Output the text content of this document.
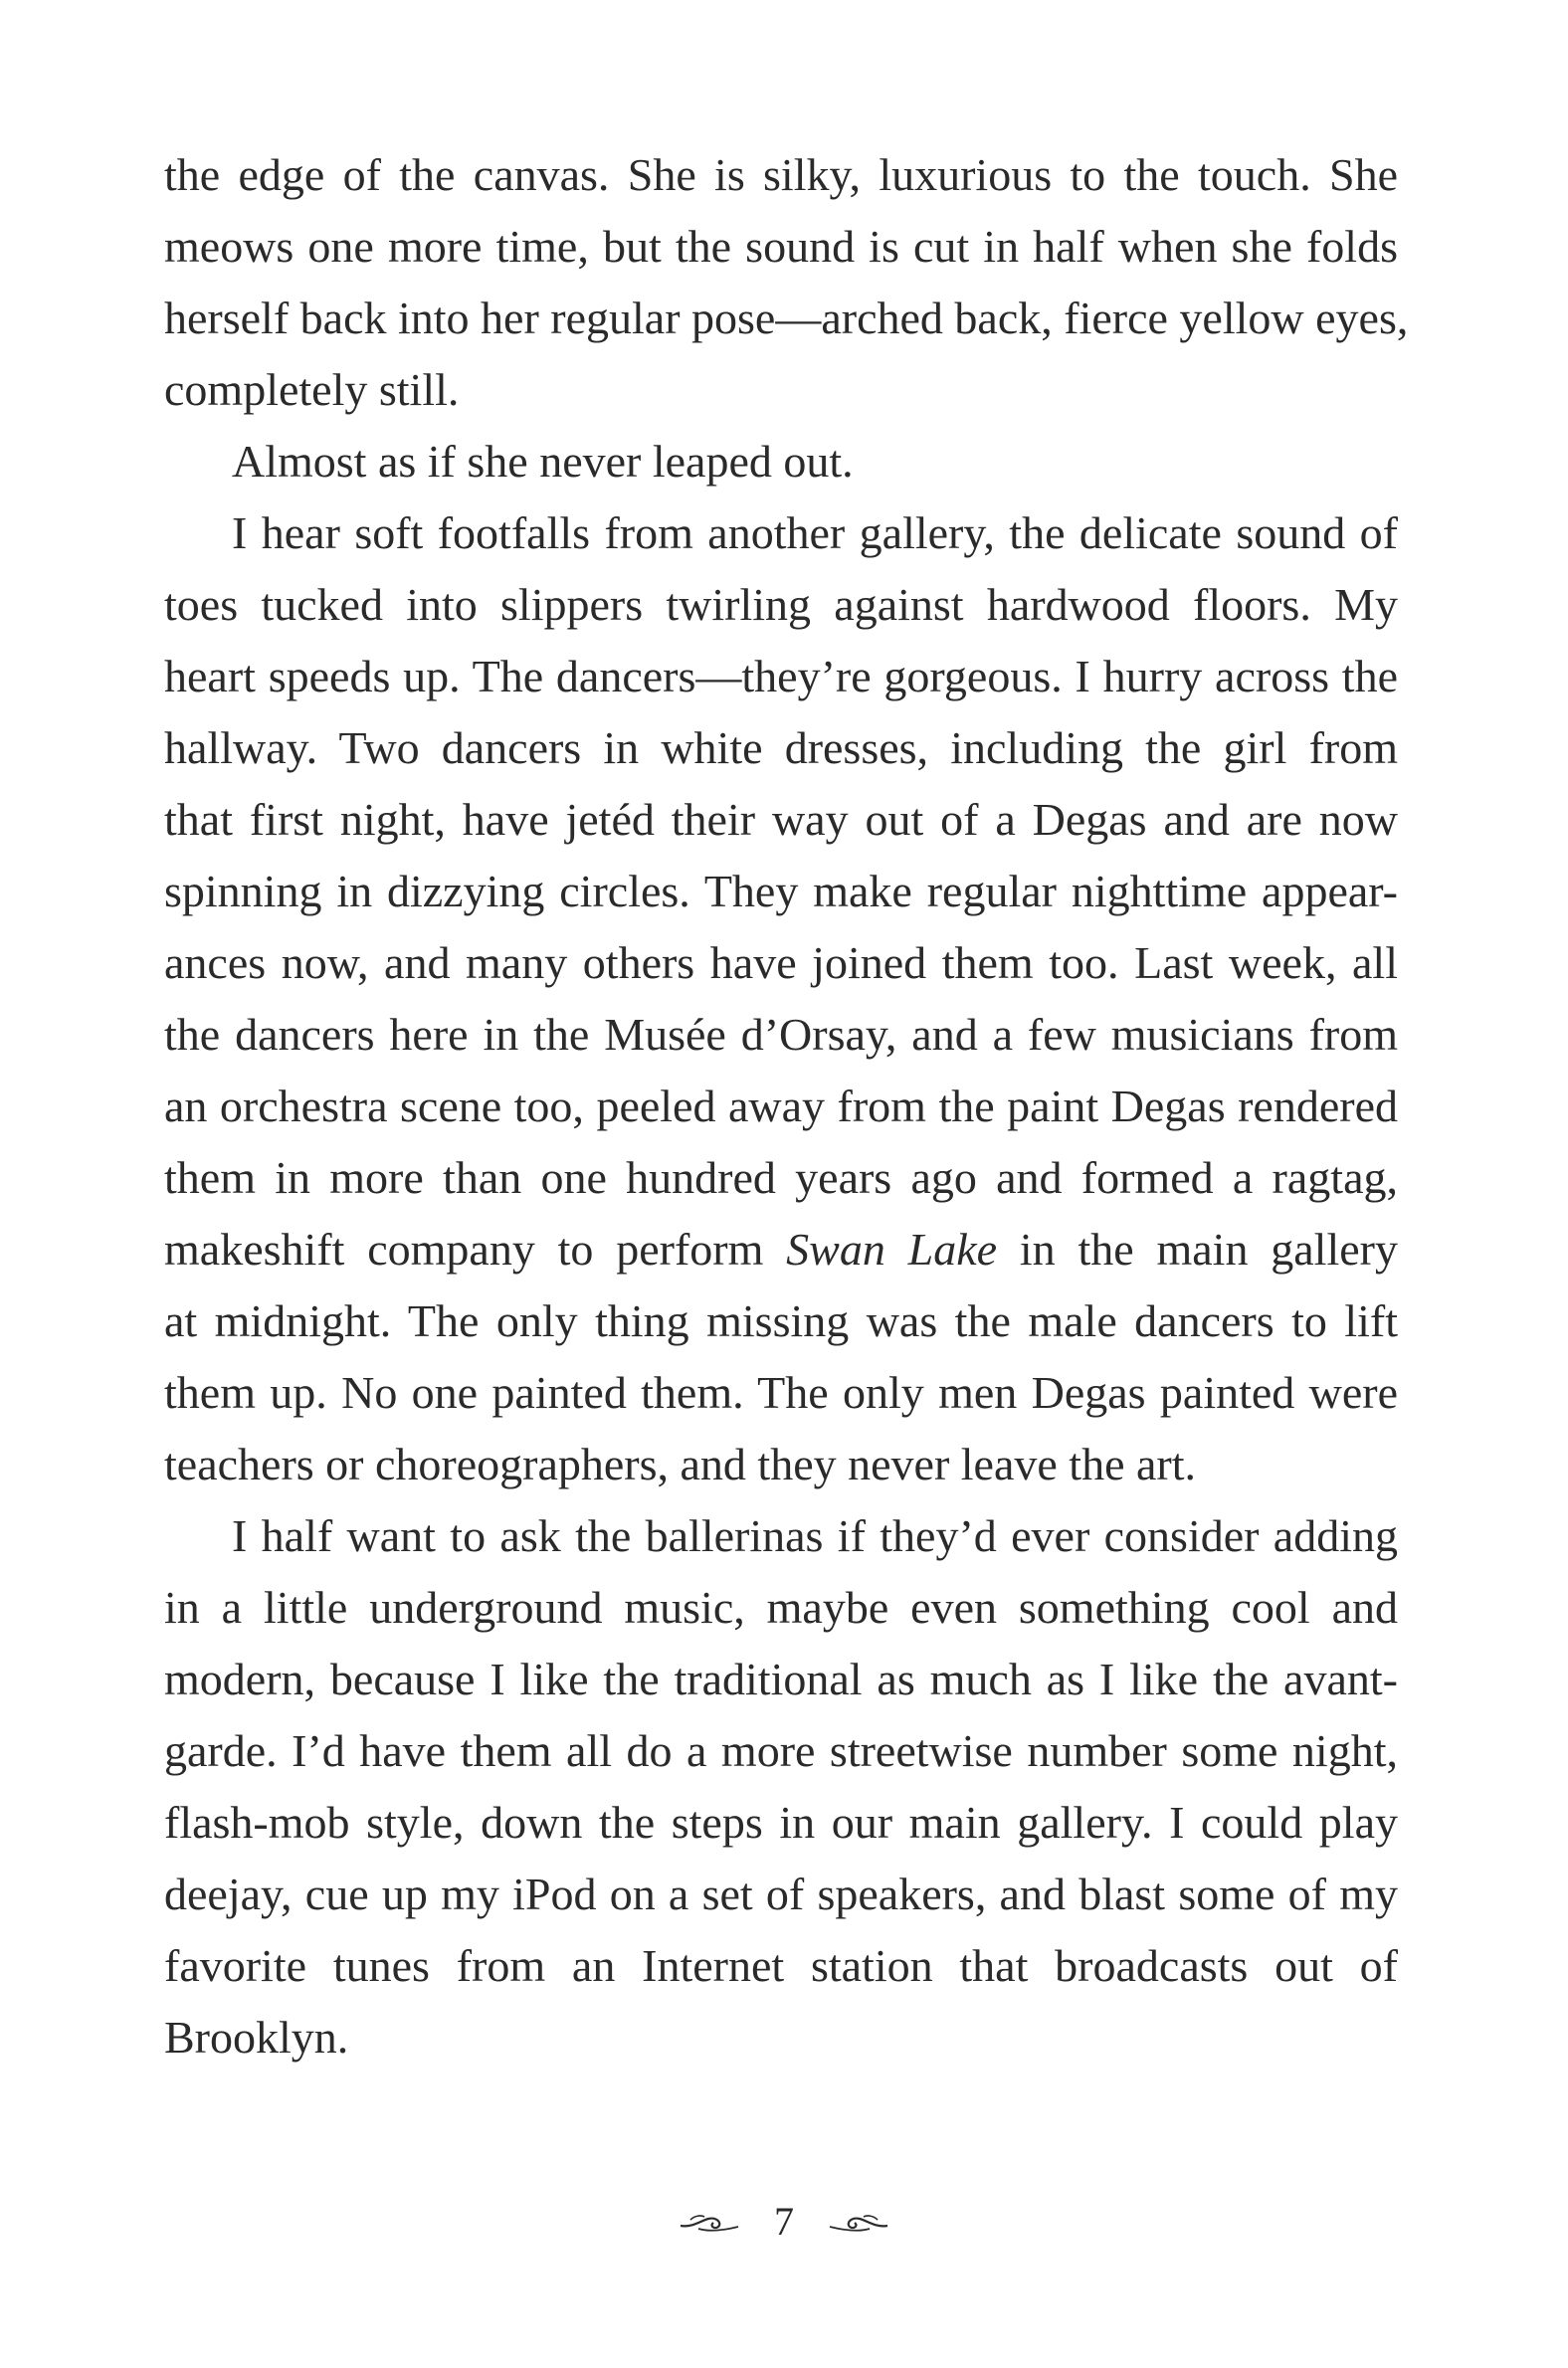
the edge of the canvas. She is silky, luxurious to the touch. She
meows one more time, but the sound is cut in half when she folds
herself back into her regular pose—arched back, fierce yellow eyes,
completely still.
Almost as if she never leaped out.
I hear soft footfalls from another gallery, the delicate sound of
toes tucked into slippers twirling against hardwood floors. My
heart speeds up. The dancers—they’re gorgeous. I hurry across the
hallway. Two dancers in white dresses, including the girl from
that first night, have jetéd their way out of a Degas and are now
spinning in dizzying circles. They make regular nighttime appear-
ances now, and many others have joined them too. Last week, all
the dancers here in the Musée d’Orsay, and a few musicians from
an orchestra scene too, peeled away from the paint Degas rendered
them in more than one hundred years ago and formed a ragtag,
makeshift company to perform Swan Lake in the main gallery
at midnight. The only thing missing was the male dancers to lift
them up. No one painted them. The only men Degas painted were
teachers or choreographers, and they never leave the art.
I half want to ask the ballerinas if they’d ever consider adding
in a little underground music, maybe even something cool and
modern, because I like the traditional as much as I like the avant-
garde. I’d have them all do a more streetwise number some night,
flash-mob style, down the steps in our main gallery. I could play
deejay, cue up my iPod on a set of speakers, and blast some of my
favorite tunes from an Internet station that broadcasts out of
Brooklyn.
7
